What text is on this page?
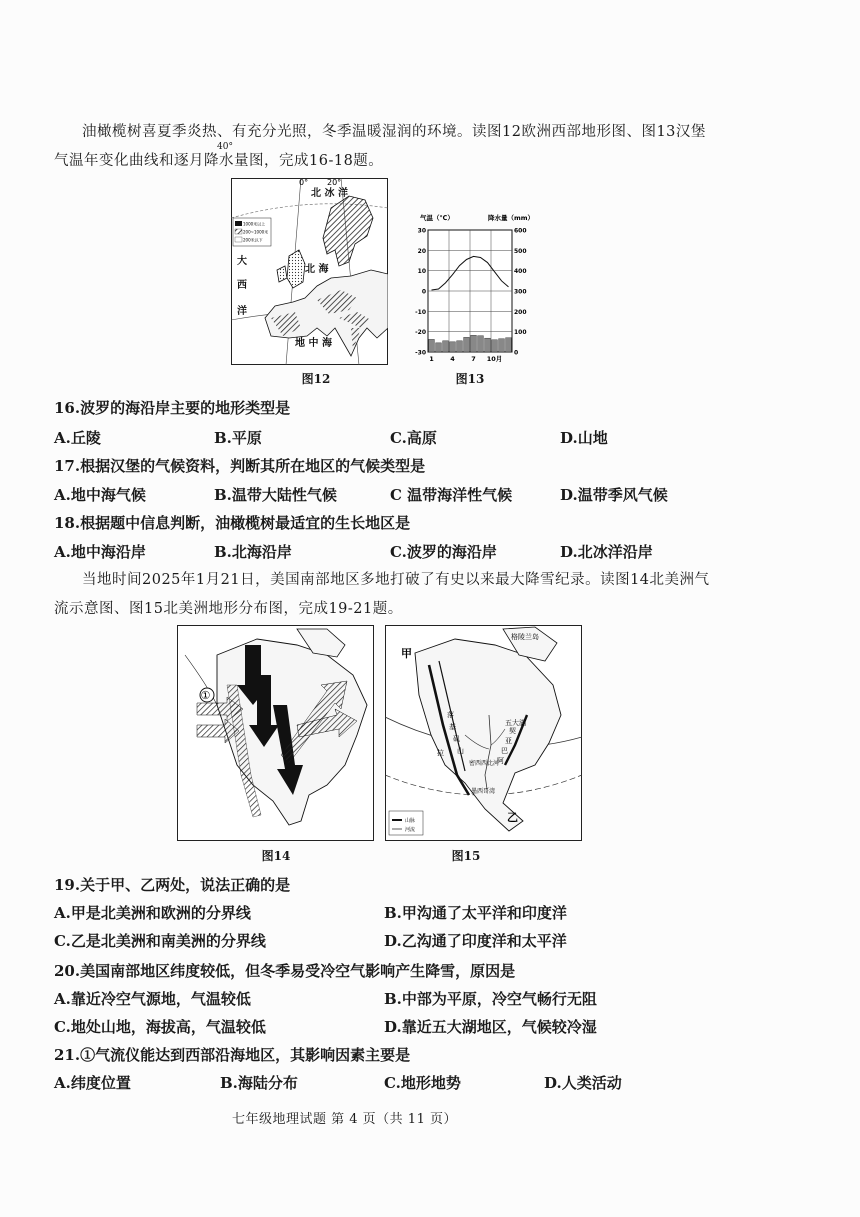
油橄榄树喜夏季炎热、有充分光照，冬季温暖湿润的环境。读图12欧洲西部地形图、图13汉堡
气温年变化曲线和逐月降水量图，完成16-18题。
1000米以上
200~1000米
200米以下
0° 20°
北 冰 洋
大
西
洋
北 海
地 中 海
40°
图12
气温（℃）	降水量（mm）
30
20
10
0
-10
-20
-30
600
500
400
300
200
100
0
1	4	7 10月
图13
16.波罗的海沿岸主要的地形类型是
A.丘陵	B.平原	C.高原	D.山地
17.根据汉堡的气候资料，判断其所在地区的气候类型是
A.地中海气候	B.温带大陆性气候	C 温带海洋性气候	D.温带季风气候
18.根据题中信息判断，油橄榄树最适宜的生长地区是
A.地中海沿岸	B.北海沿岸	C.波罗的海沿岸	D.北冰洋沿岸
当地时间2025年1月21日，美国南部地区多地打破了有史以来最大降雪纪录。读图14北美洲气
流示意图、图15北美洲地形分布图，完成19-21题。
①
图14
甲
乙
格陵兰岛
五大湖
密西西比河
落
基
矶
山
拉
契
亚
巴
阿
墨西哥湾
山脉
河流
图15
19.关于甲、乙两处，说法正确的是
A.甲是北美洲和欧洲的分界线	B.甲沟通了太平洋和印度洋
C.乙是北美洲和南美洲的分界线	D.乙沟通了印度洋和太平洋
20.美国南部地区纬度较低，但冬季易受冷空气影响产生降雪，原因是
A.靠近冷空气源地，气温较低	B.中部为平原，冷空气畅行无阻
C.地处山地，海拔高，气温较低	D.靠近五大湖地区，气候较冷湿
21.①气流仪能达到西部沿海地区，其影响因素主要是
A.纬度位置	B.海陆分布	C.地形地势	D.人类活动
七年级地理试题 第 4 页（共 11 页）
